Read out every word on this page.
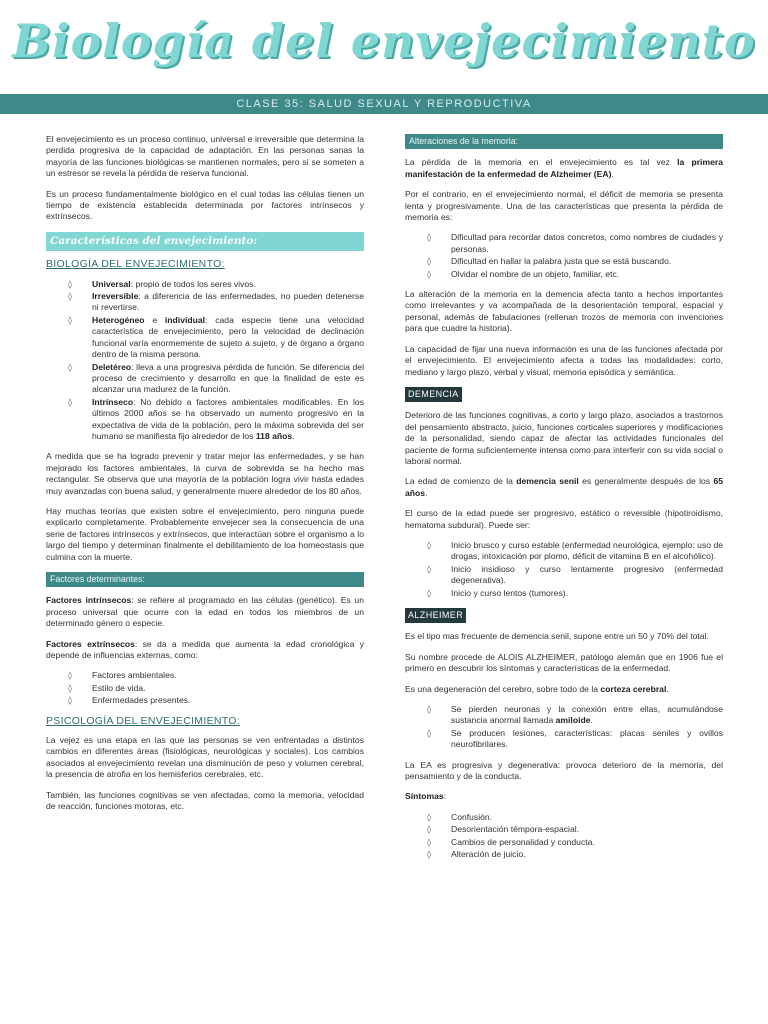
Biología del envejecimiento
CLASE 35: SALUD SEXUAL Y REPRODUCTIVA

El envejecimiento es un proceso continuo, universal e irreversible que determina la perdida progresiva de la capacidad de adaptación. En las personas sanas la mayoría de las funciones biológicas se mantienen normales, pero si se someten a un estresor se revela la pérdida de reserva funcional.

Es un proceso fundamentalmente biológico en el cual todas las células tienen un tiempo de existencia establecida determinada por factores intrínsecos y extrínsecos.

Características del envejecimiento:
BIOLOGÍA DEL ENVEJECIMIENTO:
◊ Universal: propio de todos los seres vivos.
◊ Irreversible: a diferencia de las enfermedades, no pueden detenerse ni revertirse.
◊ Heterogéneo e individual: cada especie tiene una velocidad característica de envejecimiento, pero la velocidad de declinación funcional varía enormemente de sujeto a sujeto, y de órgano a órgano dentro de la misma persona.
◊ Deletéreo: lleva a una progresiva pérdida de función. Se diferencia del proceso de crecimiento y desarrollo en que la finalidad de este es alcanzar una madurez de la función.
◊ Intrínseco: No debido a factores ambientales modificables. En los últimos 2000 años se ha observado un aumento progresivo en la expectativa de vida de la población, pero la máxima sobrevida del ser humano se manifiesta fijo alrededor de los 118 años.

A medida que se ha logrado prevenir y tratar mejor las enfermedades, y se han mejorado los factores ambientales, la curva de sobrevida se ha hecho mas rectangular. Se observa que una mayoría de la población logra vivir hasta edades muy avanzadas con buena salud, y generalmente muere alrededor de los 80 años.

Hay muchas teorías que existen sobre el envejecimiento, pero ninguna puede explicarlo completamente. Probablemente envejecer sea la consecuencia de una serie de factores intrínsecos y extrínsecos, que interactúan sobre el organismo a lo largo del tiempo y determinan finalmente el debilitamiento de loa homeostasis que culmina con la muerte.

Factores determinantes:

Factores intrínsecos: se refiere al programado en las células (genético). Es un proceso universal que ocurre con la edad en todos los miembros de un determinado género o especie.

Factores extrínsecos: se da a medida que aumenta la edad cronológica y depende de influencias externas, como:

◊ Factores ambientales.
◊ Estilo de vida.
◊ Enfermedades presentes.
PSICOLOGÍA DEL ENVEJECIMIENTO:

La vejez es una etapa en las que las personas se ven enfrentadas a distintos cambios en diferentes áreas (fisiológicas, neurológicas y sociales). Los cambios asociados al envejecimiento revelan una disminución de peso y volumen cerebral, la presencia de atrofia en los hemisferios cerebrales, etc.

También, las funciones cognitivas se ven afectadas, como la memoria, velocidad de reacción, funciones motoras, etc.

Alteraciones de la memoria:

La pérdida de la memoria en el envejecimiento es tal vez la primera manifestación de la enfermedad de Alzheimer (EA).

Por el contrario, en el envejecimiento normal, el déficit de memoria se presenta lenta y progresivamente. Una de las características que presenta la pérdida de memoria es:

◊ Dificultad para recordar datos concretos, como nombres de ciudades y personas.
◊ Dificultad en hallar la palabra justa que se está buscando.
◊ Olvidar el nombre de un objeto, familiar, etc.

La alteración de la memoria en la demencia afecta tanto a hechos importantes como irrelevantes y va acompañada de la desorientación temporal, espacial y personal, además de fabulaciones (rellenan trozos de memoria con invenciones para que cuadre la historia).

La capacidad de fijar una nueva información es una de las funciones afectada por el envejecimiento. El envejecimiento afecta a todas las modalidades: corto, mediano y largo plazo, verbal y visual, memoria episódica y semántica.

DEMENCIA

Deterioro de las funciones cognitivas, a corto y largo plazo, asociados a trastornos del pensamiento abstracto, juicio, funciones corticales superiores y modificaciones de la personalidad, siendo capaz de afectar las actividades funcionales del paciente de forma suficientemente intensa como para interferir con su vida social o laboral normal.

La edad de comienzo de la demencia senil es generalmente después de los 65 años.

El curso de la edad puede ser progresivo, estático o reversible (hipotiroidismo, hematoma subdural). Puede ser:

◊ Inicio brusco y curso estable (enfermedad neurológica, ejemplo: uso de drogas, intoxicación por plomo, déficit de vitamina B en el alcohólico).
◊ Inicio insidioso y curso lentamente progresivo (enfermedad degenerativa).
◊ Inicio y curso lentos (tumores).
ALZHEIMER

Es el tipo mas frecuente de demencia senil, supone entre un 50 y 70% del total.

Su nombre procede de ALOIS ALZHEIMER, patólogo alemán que en 1906 fue el primero en descubrir los síntomas y características de la enfermedad.

Es una degeneración del cerebro, sobre todo de la corteza cerebral.

◊ Se pierden neuronas y la conexión entre ellas, acumulándose sustancia anormal llamada amiloide.
◊ Se producen lesiones, características: placas seniles y ovillos neurofibrilares.

La EA es progresiva y degenerativa: provoca deterioro de la memoria, del pensamiento y de la conducta.

Síntomas:

◊ Confusión.
◊ Desorientación témpora-espacial.
◊ Cambios de personalidad y conducta.
◊ Alteración de juicio.
